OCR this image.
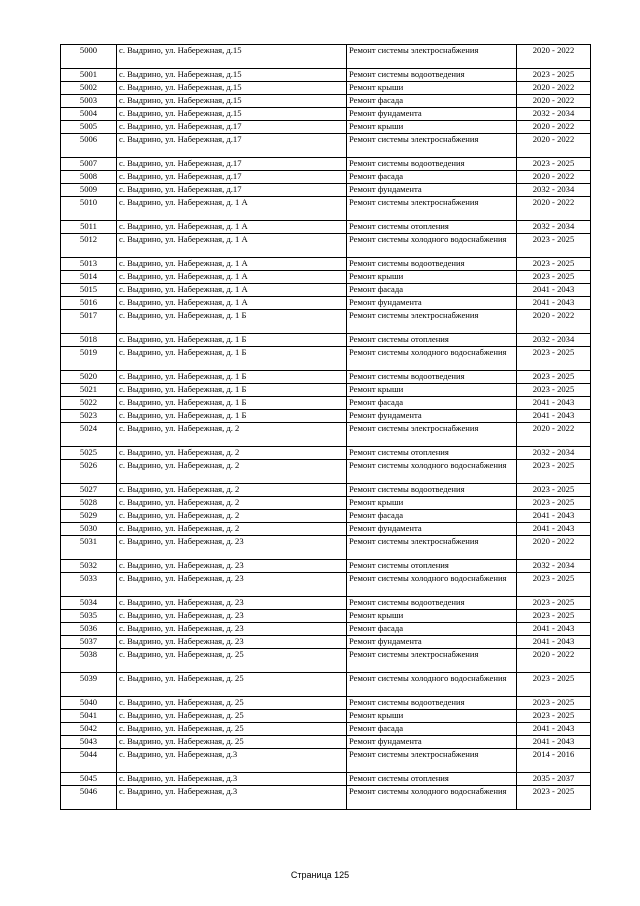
5000	с. Выдрино, ул. Набережная, д.15	Ремонт системы электроснабжения	2020 - 2022
5001	с. Выдрино, ул. Набережная, д.15	Ремонт системы водоотведения	2023 - 2025
5002	с. Выдрино, ул. Набережная, д.15	Ремонт крыши	2020 - 2022
5003	с. Выдрино, ул. Набережная, д.15	Ремонт фасада	2020 - 2022
5004	с. Выдрино, ул. Набережная, д.15	Ремонт фундамента	2032 - 2034
5005	с. Выдрино, ул. Набережная, д.17	Ремонт крыши	2020 - 2022
5006	с. Выдрино, ул. Набережная, д.17	Ремонт системы электроснабжения	2020 - 2022
5007	с. Выдрино, ул. Набережная, д.17	Ремонт системы водоотведения	2023 - 2025
5008	с. Выдрино, ул. Набережная, д.17	Ремонт фасада	2020 - 2022
5009	с. Выдрино, ул. Набережная, д.17	Ремонт фундамента	2032 - 2034
5010	с. Выдрино, ул. Набережная, д. 1 А	Ремонт системы электроснабжения	2020 - 2022
5011	с. Выдрино, ул. Набережная, д. 1 А	Ремонт системы отопления	2032 - 2034
5012	с. Выдрино, ул. Набережная, д. 1 А	Ремонт системы холодного водоснабжения	2023 - 2025
5013	с. Выдрино, ул. Набережная, д. 1 А	Ремонт системы водоотведения	2023 - 2025
5014	с. Выдрино, ул. Набережная, д. 1 А	Ремонт крыши	2023 - 2025
5015	с. Выдрино, ул. Набережная, д. 1 А	Ремонт фасада	2041 - 2043
5016	с. Выдрино, ул. Набережная, д. 1 А	Ремонт фундамента	2041 - 2043
5017	с. Выдрино, ул. Набережная, д. 1 Б	Ремонт системы электроснабжения	2020 - 2022
5018	с. Выдрино, ул. Набережная, д. 1 Б	Ремонт системы отопления	2032 - 2034
5019	с. Выдрино, ул. Набережная, д. 1 Б	Ремонт системы холодного водоснабжения	2023 - 2025
5020	с. Выдрино, ул. Набережная, д. 1 Б	Ремонт системы водоотведения	2023 - 2025
5021	с. Выдрино, ул. Набережная, д. 1 Б	Ремонт крыши	2023 - 2025
5022	с. Выдрино, ул. Набережная, д. 1 Б	Ремонт фасада	2041 - 2043
5023	с. Выдрино, ул. Набережная, д. 1 Б	Ремонт фундамента	2041 - 2043
5024	с. Выдрино, ул. Набережная, д. 2	Ремонт системы электроснабжения	2020 - 2022
5025	с. Выдрино, ул. Набережная, д. 2	Ремонт системы отопления	2032 - 2034
5026	с. Выдрино, ул. Набережная, д. 2	Ремонт системы холодного водоснабжения	2023 - 2025
5027	с. Выдрино, ул. Набережная, д. 2	Ремонт системы водоотведения	2023 - 2025
5028	с. Выдрино, ул. Набережная, д. 2	Ремонт крыши	2023 - 2025
5029	с. Выдрино, ул. Набережная, д. 2	Ремонт фасада	2041 - 2043
5030	с. Выдрино, ул. Набережная, д. 2	Ремонт фундамента	2041 - 2043
5031	с. Выдрино, ул. Набережная, д. 23	Ремонт системы электроснабжения	2020 - 2022
5032	с. Выдрино, ул. Набережная, д. 23	Ремонт системы отопления	2032 - 2034
5033	с. Выдрино, ул. Набережная, д. 23	Ремонт системы холодного водоснабжения	2023 - 2025
5034	с. Выдрино, ул. Набережная, д. 23	Ремонт системы водоотведения	2023 - 2025
5035	с. Выдрино, ул. Набережная, д. 23	Ремонт крыши	2023 - 2025
5036	с. Выдрино, ул. Набережная, д. 23	Ремонт фасада	2041 - 2043
5037	с. Выдрино, ул. Набережная, д. 23	Ремонт фундамента	2041 - 2043
5038	с. Выдрино, ул. Набережная, д. 25	Ремонт системы электроснабжения	2020 - 2022
5039	с. Выдрино, ул. Набережная, д. 25	Ремонт системы холодного водоснабжения	2023 - 2025
5040	с. Выдрино, ул. Набережная, д. 25	Ремонт системы водоотведения	2023 - 2025
5041	с. Выдрино, ул. Набережная, д. 25	Ремонт крыши	2023 - 2025
5042	с. Выдрино, ул. Набережная, д. 25	Ремонт фасада	2041 - 2043
5043	с. Выдрино, ул. Набережная, д. 25	Ремонт фундамента	2041 - 2043
5044	с. Выдрино, ул. Набережная, д.3	Ремонт системы электроснабжения	2014 - 2016
5045	с. Выдрино, ул. Набережная, д.3	Ремонт системы отопления	2035 - 2037
5046	с. Выдрино, ул. Набережная, д.3	Ремонт системы холодного водоснабжения	2023 - 2025
Страница 125
